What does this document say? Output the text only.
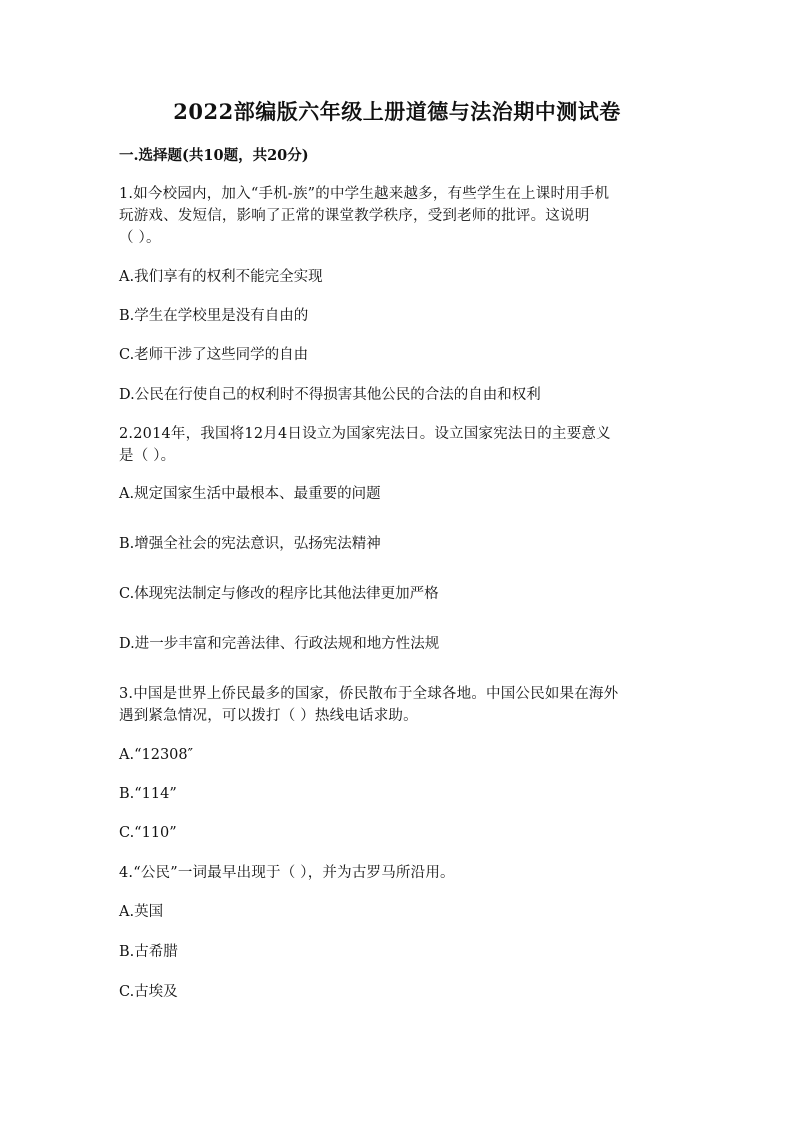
2022部编版六年级上册道德与法治期中测试卷
一.选择题(共10题，共20分)
1.如今校园内，加入“手机-族”的中学生越来越多，有些学生在上课时用手机
玩游戏、发短信，影响了正常的课堂教学秩序，受到老师的批评。这说明
（ ）。
A.我们享有的权利不能完全实现
B.学生在学校里是没有自由的
C.老师干涉了这些同学的自由
D.公民在行使自己的权利时不得损害其他公民的合法的自由和权利
2.2014年，我国将12月4日设立为国家宪法日。设立国家宪法日的主要意义
是（ ）。
A.规定国家生活中最根本、最重要的问题
B.增强全社会的宪法意识，弘扬宪法精神
C.体现宪法制定与修改的程序比其他法律更加严格
D.进一步丰富和完善法律、行政法规和地方性法规
3.中国是世界上侨民最多的国家，侨民散布于全球各地。中国公民如果在海外
遇到紧急情况，可以拨打（ ）热线电话求助。
A.“12308″
B.“114”
C.“110”
4.“公民”一词最早出现于（ ），并为古罗马所沿用。
A.英国
B.古希腊
C.古埃及
